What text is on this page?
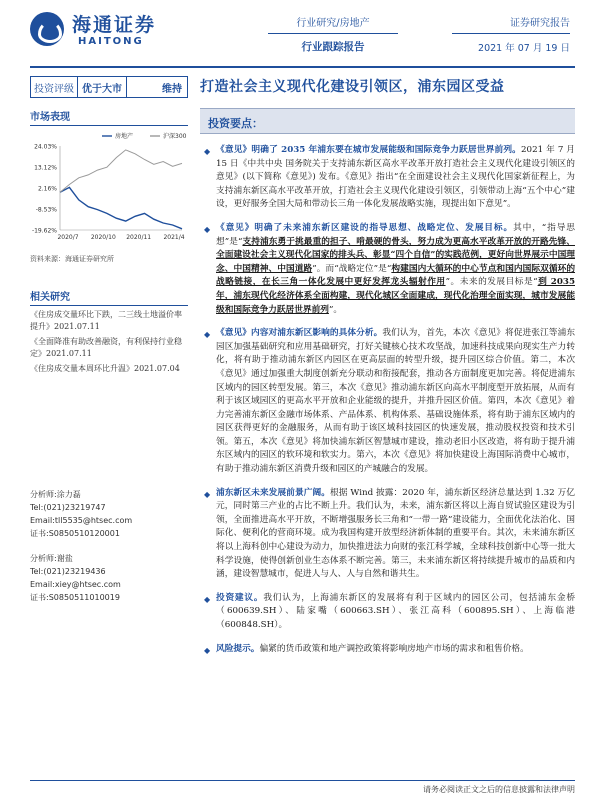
海通证券
HAITONG
行业研究/房地产
行业跟踪报告
证券研究报告
2021 年 07 月 19 日
投资评级 优于大市	维持	打造社会主义现代化建设引领区，浦东园区受益
市场表现
24.03%
13.12%
2.16%
-8.53%
-19.62%
2020/7 2020/10 2020/11 2021/4
房地产	沪深300
资料来源：海通证券研究所
相关研究
《住房成交量环比下跌，二三线土地溢价率提升》2021.07.11
《全面降准有助改善融资，有利保持行业稳定》2021.07.11
《住房成交量本周环比升温》2021.07.04
分析师:涂力磊
Tel:(021)23219747
Email:tll5535@htsec.com
证书:S0850510120001
分析师:谢盐
Tel:(021)23219436
Email:xiey@htsec.com
证书:S0850511010019
投资要点：
◆ 《意见》明确了 2035 年浦东要在城市发展能级和国际竞争力跃居世界前列。2021 年 7 月 15 日《中共中央 国务院关于支持浦东新区高水平改革开放打造社会主义现代化建设引领区的意见》(以下简称《意见》) 发布。《意见》指出“在全面建设社会主义现代化国家新征程上，为支持浦东新区高水平改革开放，打造社会主义现代化建设引领区，引领带动上海“五个中心”建设，更好服务全国大局和带动长三角一体化发展战略实施，现提出如下意见”。
◆ 《意见》明确了未来浦东新区建设的指导思想、战略定位、发展目标。其中，“指导思想”是“支持浦东勇于挑最重的担子、啃最硬的骨头，努力成为更高水平改革开放的开路先锋、全面建设社会主义现代化国家的排头兵、彰显“四个自信”的实践范例，更好向世界展示中国理念、中国精神、中国道路”。而“战略定位”是“构建国内大循环的中心节点和国内国际双循环的战略链接，在长三角一体化发展中更好发挥龙头辐射作用”。未来的发展目标是“到 2035 年，浦东现代化经济体系全面构建，现代化城区全面建成，现代化治理全面实现，城市发展能级和国际竞争力跃居世界前列”。
◆ 《意见》内容对浦东新区影响的具体分析。我们认为，首先，本次《意见》将促进张江等浦东园区加强基础研究和应用基础研究，打好关键核心技术攻坚战，加速科技成果向现实生产力转化，将有助于推动浦东新区内园区在更高层面的转型升级，提升园区综合价值。第二，本次《意见》通过加强重大制度创新充分联动和衔接配套，推动各方面制度更加完善。将促进浦东区域内的园区转型发展。第三，本次《意见》推动浦东新区向高水平制度型开放拓展，从而有利于该区域园区的更高水平开放和企业能级的提升，并推升园区价值。第四，本次《意见》着力完善浦东新区金融市场体系、产品体系、机构体系、基础设施体系，将有助于浦东区域内的园区获得更好的金融服务，从而有助于该区域科技园区的快速发展，推动股权投资和技术引领。第五，本次《意见》将加快浦东新区智慧城市建设，推动老旧小区改造，将有助于提升浦东区域内的园区的软环境和软实力。第六，本次《意见》将加快建设上海国际消费中心城市，有助于推动浦东新区消费升级和园区的产城融合的发展。
◆ 浦东新区未来发展前景广阔。根据 Wind 披露：2020 年，浦东新区经济总量达到 1.32 万亿元，同时第三产业的占比不断上升。我们认为，未来，浦东新区将以上海自贸试验区建设为引领，全面推进高水平开放，不断增强服务长三角和“一带一路”建设能力，全面优化法治化、国际化、便利化的营商环境。成为我国构建开放型经济新体制的重要平台。其次，未来浦东新区将以上海科创中心建设为动力，加快推进法力向财的张江科学城，全球科技创新中心等一批大科学设施，使得创新创业生态体系不断完善。第三，未来浦东新区将持续提升城市的品质和内涵，建设智慧城市，促进人与人、人与自然和谐共生。
◆ 投资建议。我们认为，上海浦东新区的发展将有利于区域内的园区公司，包括浦东金桥（600639.SH）、陆家嘴（600663.SH）、张江高科（600895.SH）、上海临港（600848.SH）。
◆ 风险提示。偏紧的货币政策和地产调控政策将影响房地产市场的需求和租售价格。
请务必阅读正文之后的信息披露和法律声明
